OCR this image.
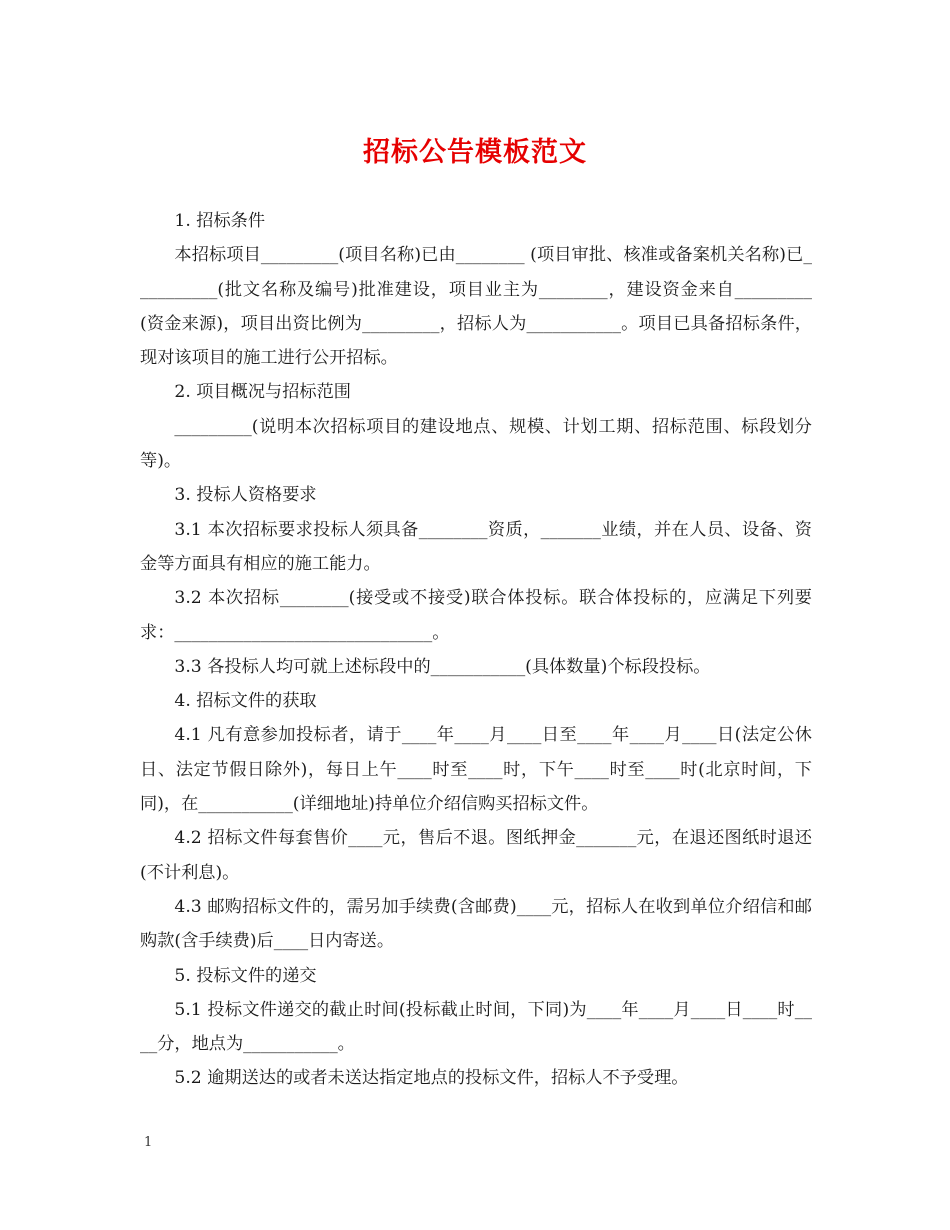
招标公告模板范文

1. 招标条件

本招标项目_________(项目名称)已由________ (项目审批、核准或备案机关名称)已__________(批文名称及编号)批准建设，项目业主为________，建设资金来自_________(资金来源)，项目出资比例为_________，招标人为___________。项目已具备招标条件，现对该项目的施工进行公开招标。

2. 项目概况与招标范围

_________(说明本次招标项目的建设地点、规模、计划工期、招标范围、标段划分等)。

3. 投标人资格要求

3.1 本次招标要求投标人须具备________资质，_______业绩，并在人员、设备、资金等方面具有相应的施工能力。

3.2 本次招标________(接受或不接受)联合体投标。联合体投标的，应满足下列要求：______________________________。

3.3 各投标人均可就上述标段中的___________(具体数量)个标段投标。

4. 招标文件的获取

4.1 凡有意参加投标者，请于____年____月____日至____年____月____日(法定公休日、法定节假日除外)，每日上午____时至____时，下午____时至____时(北京时间，下同)，在___________(详细地址)持单位介绍信购买招标文件。

4.2 招标文件每套售价____元，售后不退。图纸押金_______元，在退还图纸时退还(不计利息)。

4.3 邮购招标文件的，需另加手续费(含邮费)____元，招标人在收到单位介绍信和邮购款(含手续费)后____日内寄送。

5. 投标文件的递交

5.1 投标文件递交的截止时间(投标截止时间，下同)为____年____月____日____时____分，地点为___________。

5.2 逾期送达的或者未送达指定地点的投标文件，招标人不予受理。

1
